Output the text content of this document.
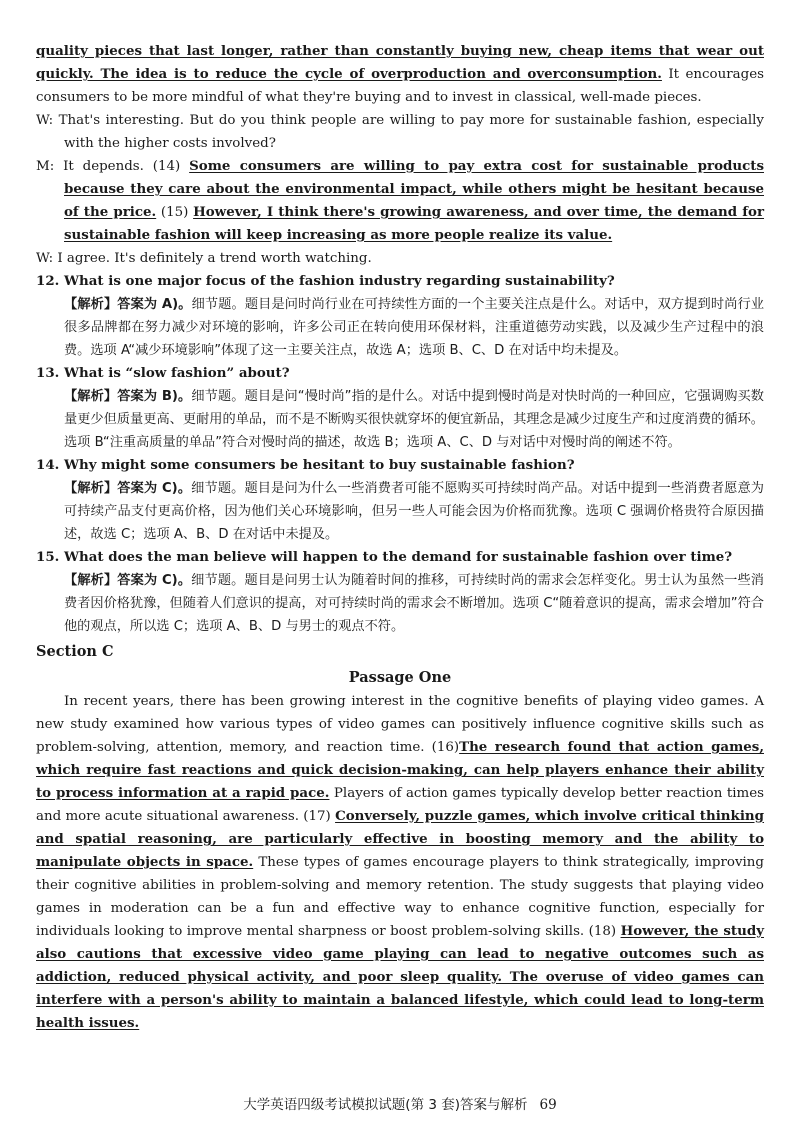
quality pieces that last longer, rather than constantly buying new, cheap items that wear out quickly. The idea is to reduce the cycle of overproduction and overconsumption. It encourages consumers to be more mindful of what they're buying and to invest in classical, well-made pieces.

W: That's interesting. But do you think people are willing to pay more for sustainable fashion, especially with the higher costs involved?

M: It depends. (14) Some consumers are willing to pay extra cost for sustainable products because they care about the environmental impact, while others might be hesitant because of the price. (15) However, I think there's growing awareness, and over time, the demand for sustainable fashion will keep increasing as more people realize its value.

W: I agree. It's definitely a trend worth watching.

12. What is one major focus of the fashion industry regarding sustainability?

【解析】答案为 A)。细节题。题目是问时尚行业在可持续性方面的一个主要关注点是什么。对话中，双方提到时尚行业很多品牌都在努力减少对环境的影响，许多公司正在转向使用环保材料，注重道德劳动实践，以及减少生产过程中的浪费。选项 A“减少环境影响”体现了这一主要关注点，故选 A；选项 B、C、D 在对话中均未提及。

13. What is “slow fashion” about?

【解析】答案为 B)。细节题。题目是问“慢时尚”指的是什么。对话中提到慢时尚是对快时尚的一种回应，它强调购买数量更少但质量更高、更耐用的单品，而不是不断购买很快就穿坏的便宜新品，其理念是减少过度生产和过度消费的循环。选项 B“注重高质量的单品”符合对慢时尚的描述，故选 B；选项 A、C、D 与对话中对慢时尚的阐述不符。

14. Why might some consumers be hesitant to buy sustainable fashion?

【解析】答案为 C)。细节题。题目是问为什么一些消费者可能不愿购买可持续时尚产品。对话中提到一些消费者愿意为可持续产品支付更高价格，因为他们关心环境影响，但另一些人可能会因为价格而犹豫。选项 C 强调价格贵符合原因描述，故选 C；选项 A、B、D 在对话中未提及。

15. What does the man believe will happen to the demand for sustainable fashion over time?

【解析】答案为 C)。细节题。题目是问男士认为随着时间的推移，可持续时尚的需求会怎样变化。男士认为虽然一些消费者因价格犹豫，但随着人们意识的提高，对可持续时尚的需求会不断增加。选项 C“随着意识的提高，需求会增加”符合他的观点，所以选 C；选项 A、B、D 与男士的观点不符。

Section C

Passage One

In recent years, there has been growing interest in the cognitive benefits of playing video games. A new study examined how various types of video games can positively influence cognitive skills such as problem-solving, attention, memory, and reaction time. (16)The research found that action games, which require fast reactions and quick decision-making, can help players enhance their ability to process information at a rapid pace. Players of action games typically develop better reaction times and more acute situational awareness. (17) Conversely, puzzle games, which involve critical thinking and spatial reasoning, are particularly effective in boosting memory and the ability to manipulate objects in space. These types of games encourage players to think strategically, improving their cognitive abilities in problem-solving and memory retention. The study suggests that playing video games in moderation can be a fun and effective way to enhance cognitive function, especially for individuals looking to improve mental sharpness or boost problem-solving skills. (18) However, the study also cautions that excessive video game playing can lead to negative outcomes such as addiction, reduced physical activity, and poor sleep quality. The overuse of video games can interfere with a person's ability to maintain a balanced lifestyle, which could lead to long-term health issues.

大学英语四级考试模拟试题(第 3 套)答案与解析 69
